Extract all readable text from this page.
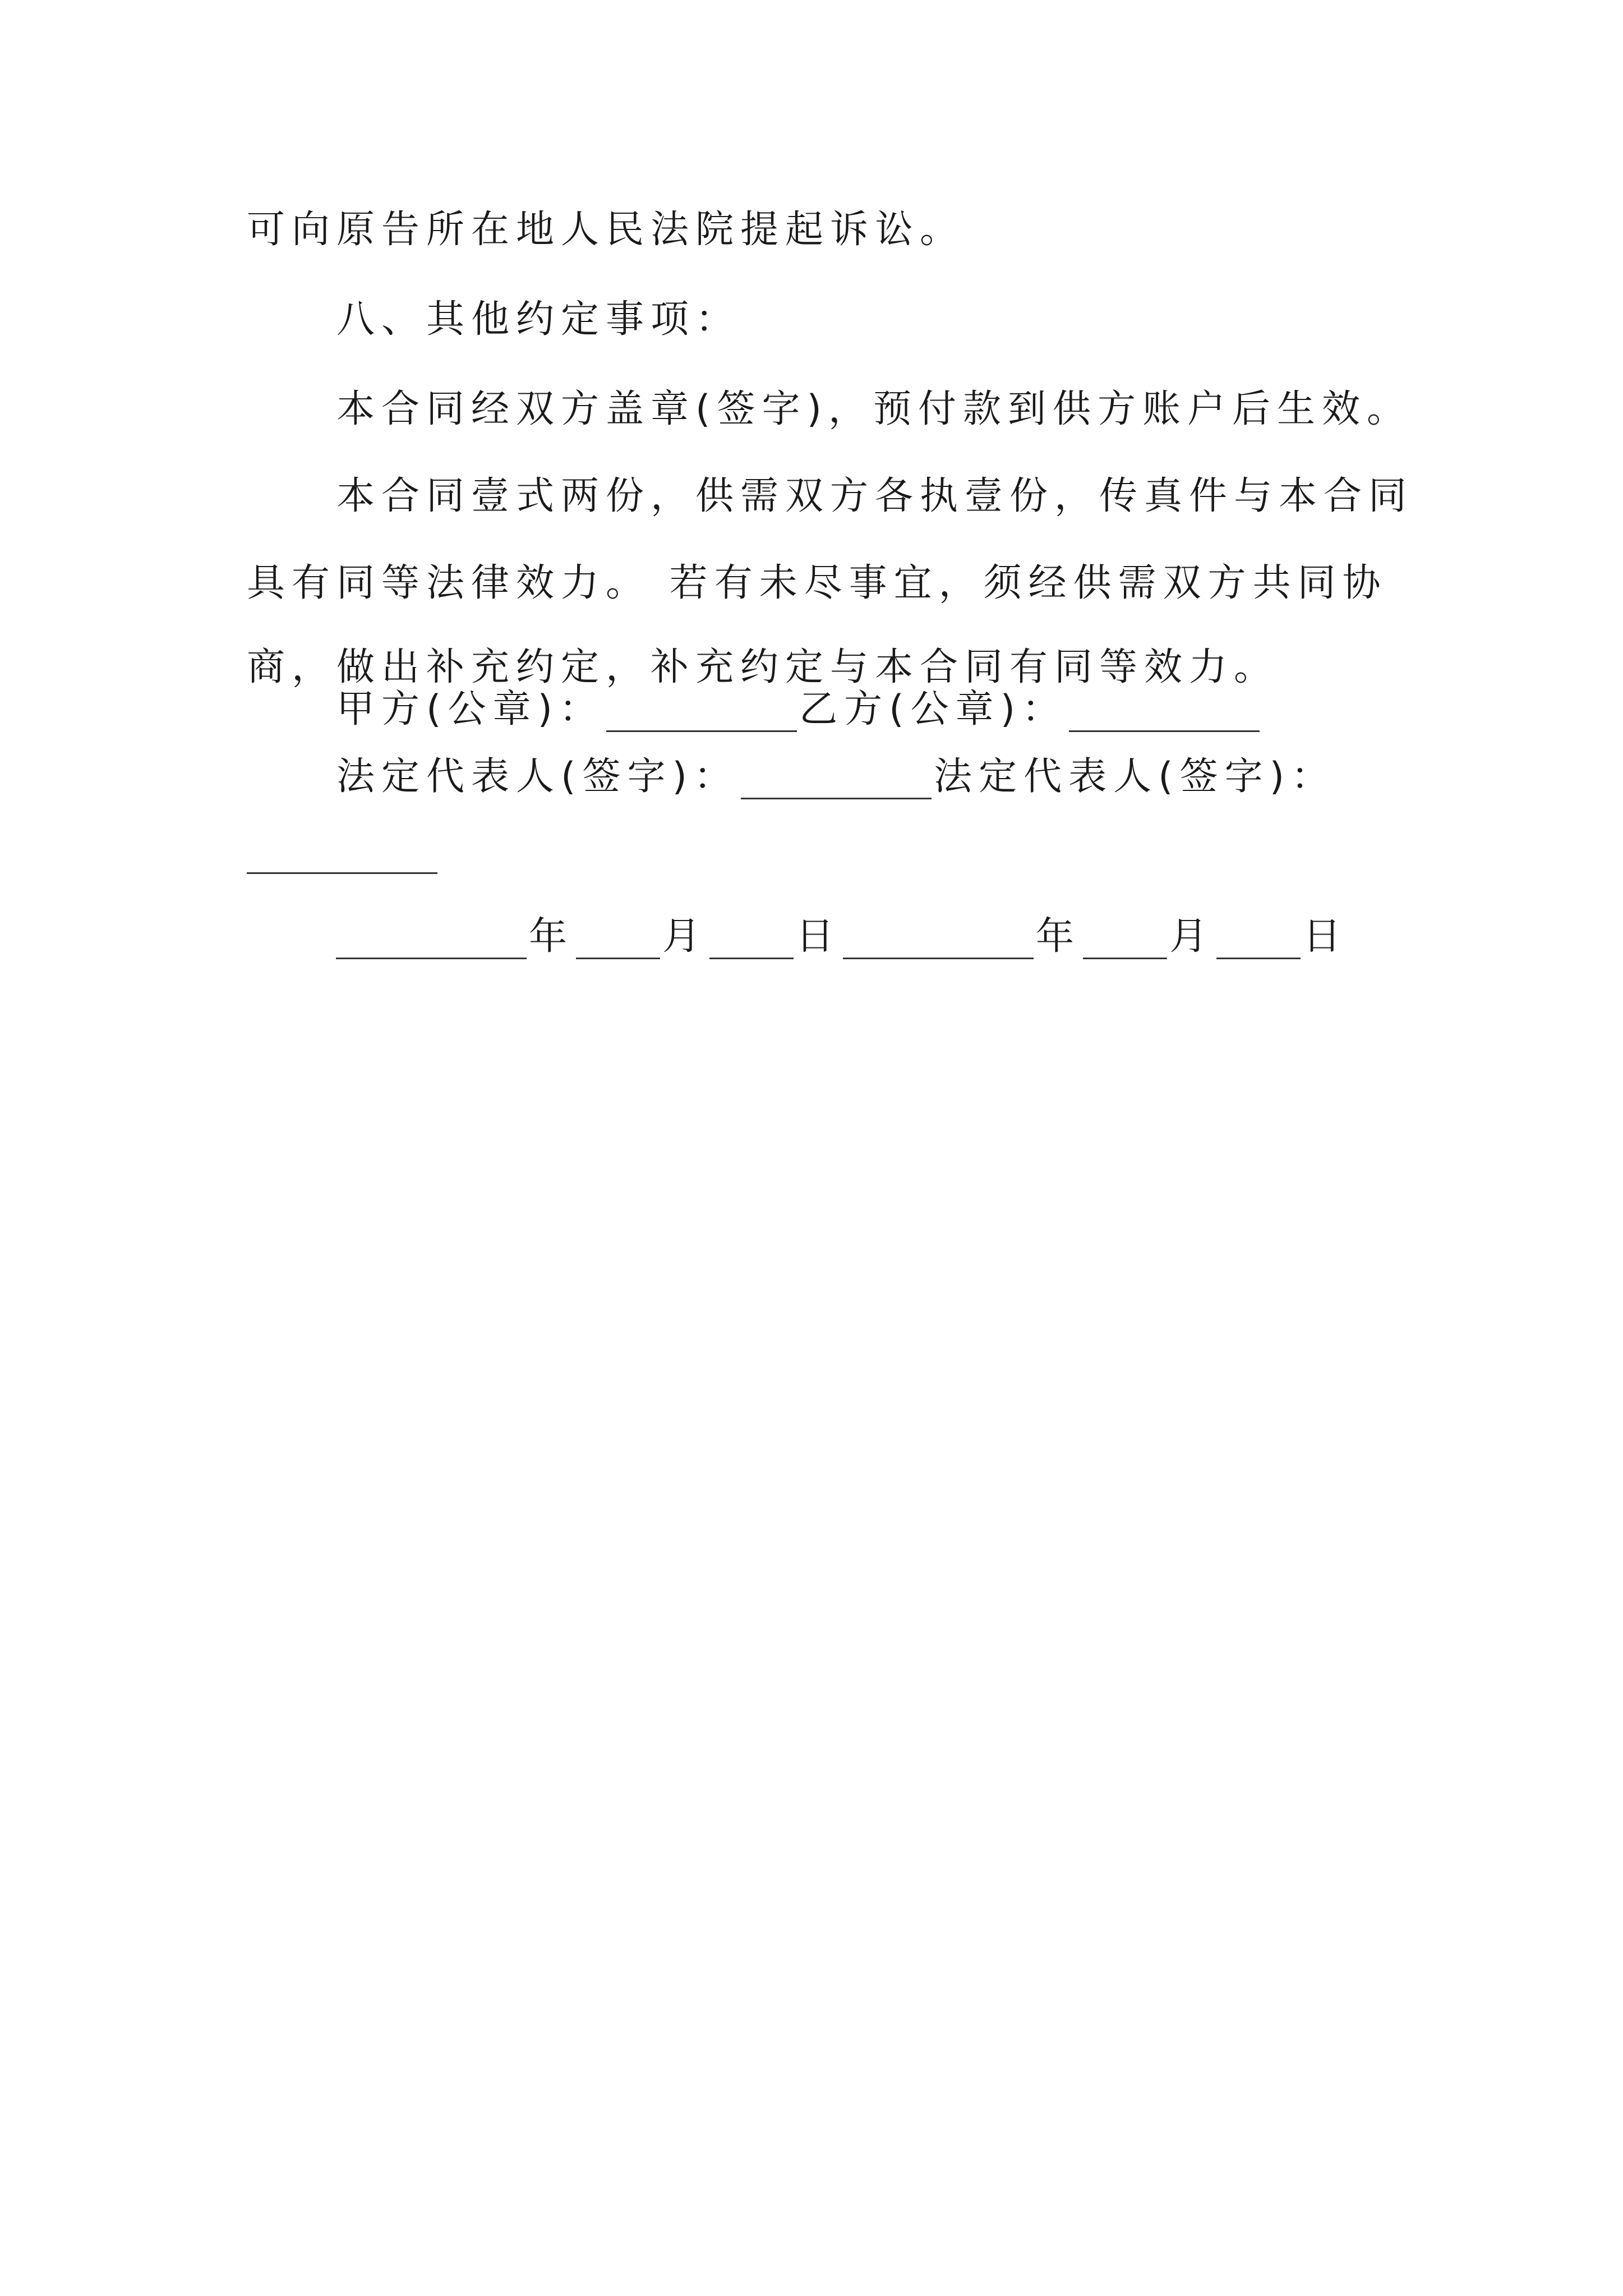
可向原告所在地人民法院提起诉讼。
八、其他约定事项：
本合同经双方盖章(签字)，预付款到供方账户后生效。
本合同壹式两份，供需双方各执壹份，传真件与本合同
具有同等法律效力。 若有未尽事宜，须经供需双方共同协
商，做出补充约定，补充约定与本合同有同等效力。
甲方(公章)：	乙方(公章)：
法定代表人(签字)：	法定代表人(签字)：
年 月 日	年 月 日
